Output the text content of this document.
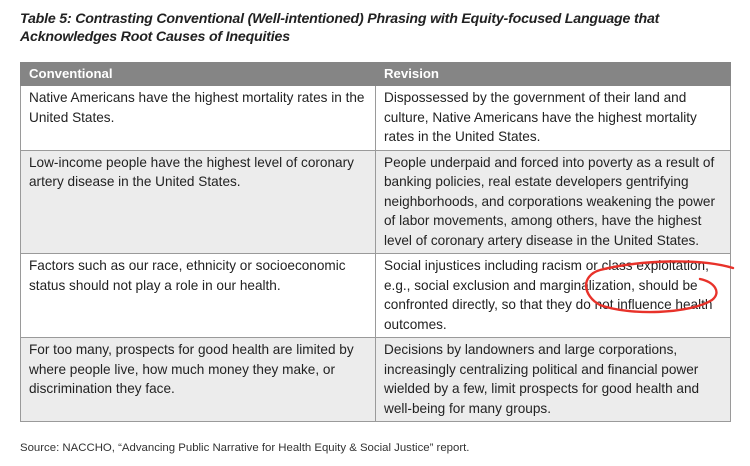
Table 5: Contrasting Conventional (Well-intentioned) Phrasing with Equity-focused Language that Acknowledges Root Causes of Inequities
Conventional	Revision
Native Americans have the highest mortality rates in the United States.	Dispossessed by the government of their land and culture, Native Americans have the highest mortality rates in the United States.
Low-income people have the highest level of coronary artery disease in the United States.	People underpaid and forced into poverty as a result of banking policies, real estate developers gentrifying neighborhoods, and corporations weakening the power of labor movements, among others, have the highest level of coronary artery disease in the United States.
Factors such as our race, ethnicity or socioeconomic status should not play a role in our health.	Social injustices including racism or class exploitation, e.g., social exclusion and marginalization, should be confronted directly, so that they do not influence health outcomes.
For too many, prospects for good health are limited by where people live, how much money they make, or discrimination they face.	Decisions by landowners and large corporations, increasingly centralizing political and financial power wielded by a few, limit prospects for good health and well-being for many groups.
Source: NACCHO, “Advancing Public Narrative for Health Equity & Social Justice” report.
